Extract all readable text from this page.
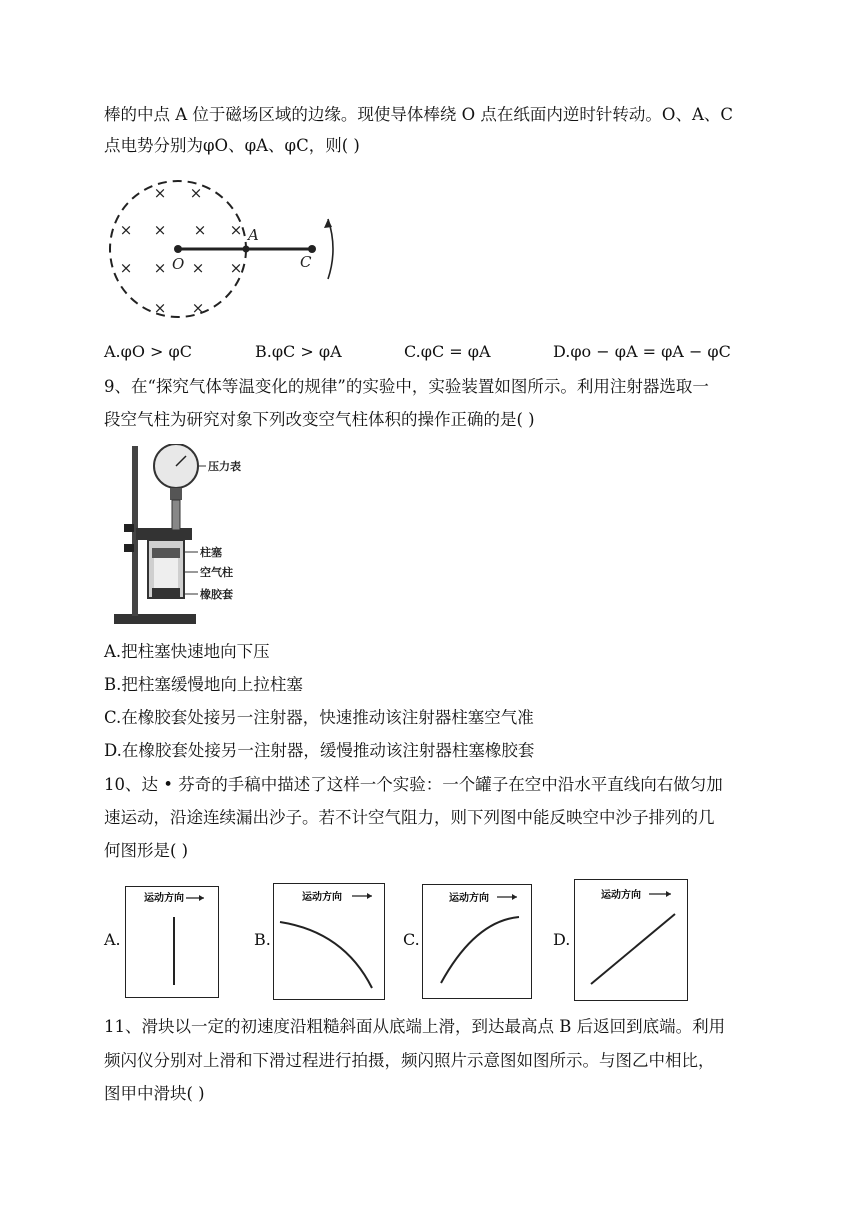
棒的中点 A 位于磁场区域的边缘。现使导体棒绕 O 点在纸面内逆时针转动。O、A、C
点电势分别为φO、φA、φC，则( )
× ×
× × × ×
× × × ×
× ×
O
A
C
A.φO > φC	B.φC > φA	C.φC = φA	D.φo − φA = φA − φC
9、在“探究气体等温变化的规律”的实验中，实验装置如图所示。利用注射器选取一
段空气柱为研究对象下列改变空气柱体积的操作正确的是( )
压力表
柱塞
空气柱
橡胶套
A.把柱塞快速地向下压
B.把柱塞缓慢地向上拉柱塞
C.在橡胶套处接另一注射器，快速推动该注射器柱塞空气准
D.在橡胶套处接另一注射器，缓慢推动该注射器柱塞橡胶套
10、达 • 芬奇的手稿中描述了这样一个实验：一个罐子在空中沿水平直线向右做匀加
速运动，沿途连续漏出沙子。若不计空气阻力，则下列图中能反映空中沙子排列的几
何图形是( )
A.
运动方向
B.
运动方向
C.
运动方向
D.
运动方向
11、滑块以一定的初速度沿粗糙斜面从底端上滑，到达最高点 B 后返回到底端。利用
频闪仪分别对上滑和下滑过程进行拍摄，频闪照片示意图如图所示。与图乙中相比，
图甲中滑块( )
